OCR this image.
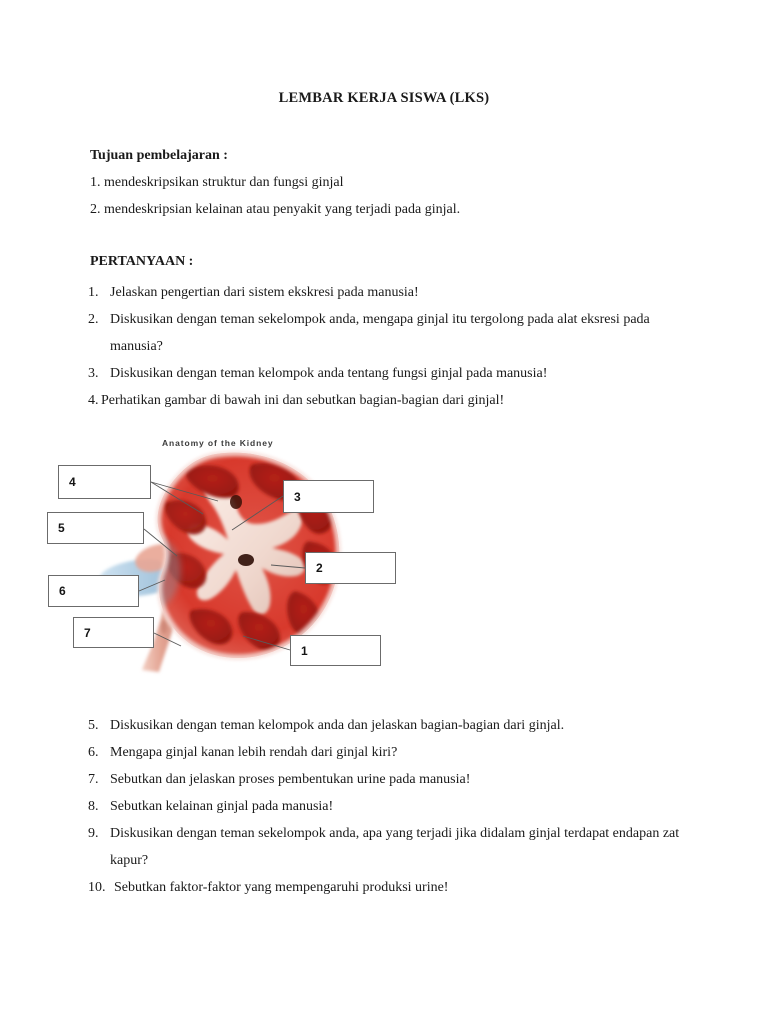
LEMBAR KERJA SISWA (LKS)
Tujuan pembelajaran :
1. mendeskripsikan struktur dan fungsi ginjal
2. mendeskripsian kelainan atau penyakit yang terjadi pada ginjal.
PERTANYAAN :
1. Jelaskan pengertian dari sistem ekskresi pada manusia!
2. Diskusikan dengan teman sekelompok anda, mengapa ginjal itu tergolong pada alat eksresi pada manusia?
3. Diskusikan dengan teman kelompok anda tentang fungsi ginjal pada manusia!
4. Perhatikan gambar di bawah ini dan sebutkan bagian-bagian dari ginjal!
Anatomy of the Kidney
4
5
6
7
3
2
1
5. Diskusikan dengan teman kelompok anda dan jelaskan bagian-bagian dari ginjal.
6. Mengapa ginjal kanan lebih rendah dari ginjal kiri?
7. Sebutkan dan jelaskan proses pembentukan urine pada manusia!
8. Sebutkan kelainan ginjal pada manusia!
9. Diskusikan dengan teman sekelompok anda, apa yang terjadi jika didalam ginjal terdapat endapan zat kapur?
10. Sebutkan faktor-faktor yang mempengaruhi produksi urine!
